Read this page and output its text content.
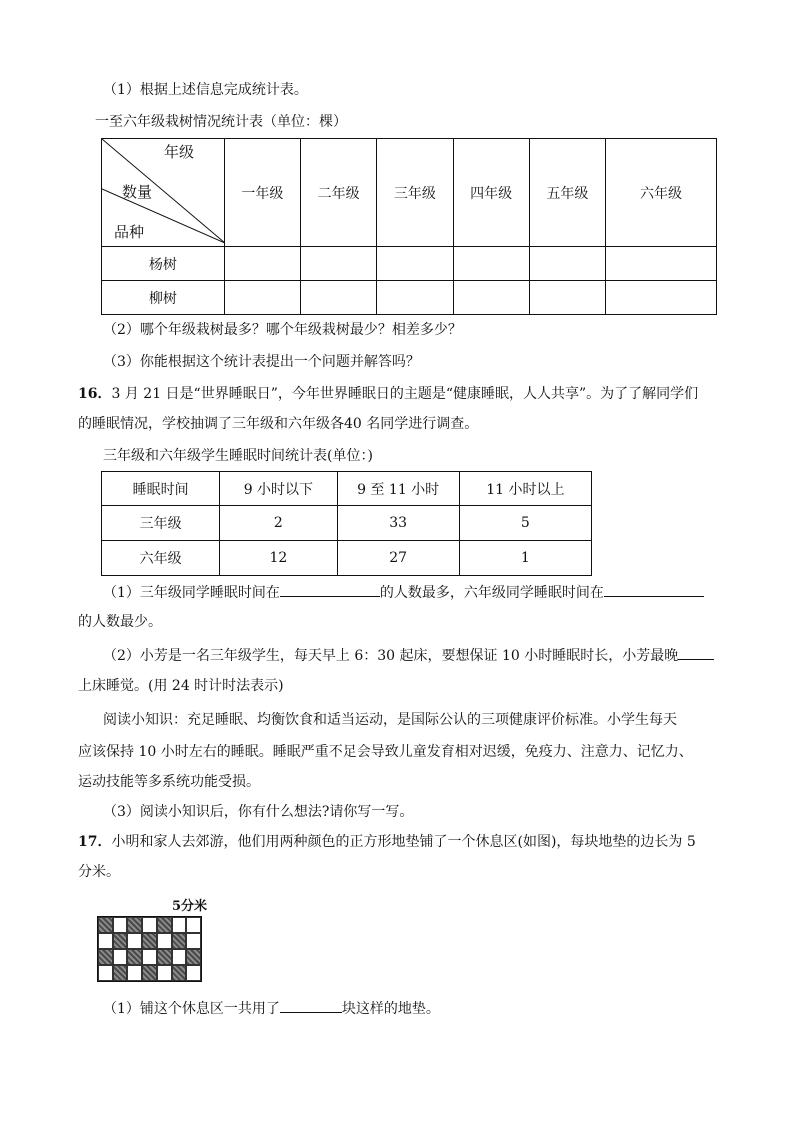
（1）根据上述信息完成统计表。
一至六年级栽树情况统计表（单位：棵）
年级
数量
品种	一年级	二年级	三年级	四年级	五年级	六年级
杨树						
柳树						
（2）哪个年级栽树最多？哪个年级栽树最少？相差多少？
（3）你能根据这个统计表提出一个问题并解答吗？
16．3 月 21 日是“世界睡眠日”，今年世界睡眠日的主题是“健康睡眠，人人共享”。为了了解同学们
的睡眠情况，学校抽调了三年级和六年级各40 名同学进行调查。
三年级和六年级学生睡眠时间统计表(单位：)
睡眠时间	9 小时以下	9 至 11 小时	11 小时以上
三年级	2	33	5
六年级	12	27	1
（1）三年级同学睡眠时间在	的人数最多，六年级同学睡眠时间在
的人数最少。
（2）小芳是一名三年级学生，每天早上 6：30 起床，要想保证 10 小时睡眠时长，小芳最晚
上床睡觉。(用 24 时计时法表示)
阅读小知识：充足睡眠、均衡饮食和适当运动，是国际公认的三项健康评价标准。小学生每天
应该保持 10 小时左右的睡眠。睡眠严重不足会导致儿童发育相对迟缓，免疫力、注意力、记忆力、
运动技能等多系统功能受损。
（3）阅读小知识后，你有什么想法?请你写一写。
17．小明和家人去郊游，他们用两种颜色的正方形地垫铺了一个休息区(如图)，每块地垫的边长为 5
分米。
5分米
（1）铺这个休息区一共用了	块这样的地垫。
